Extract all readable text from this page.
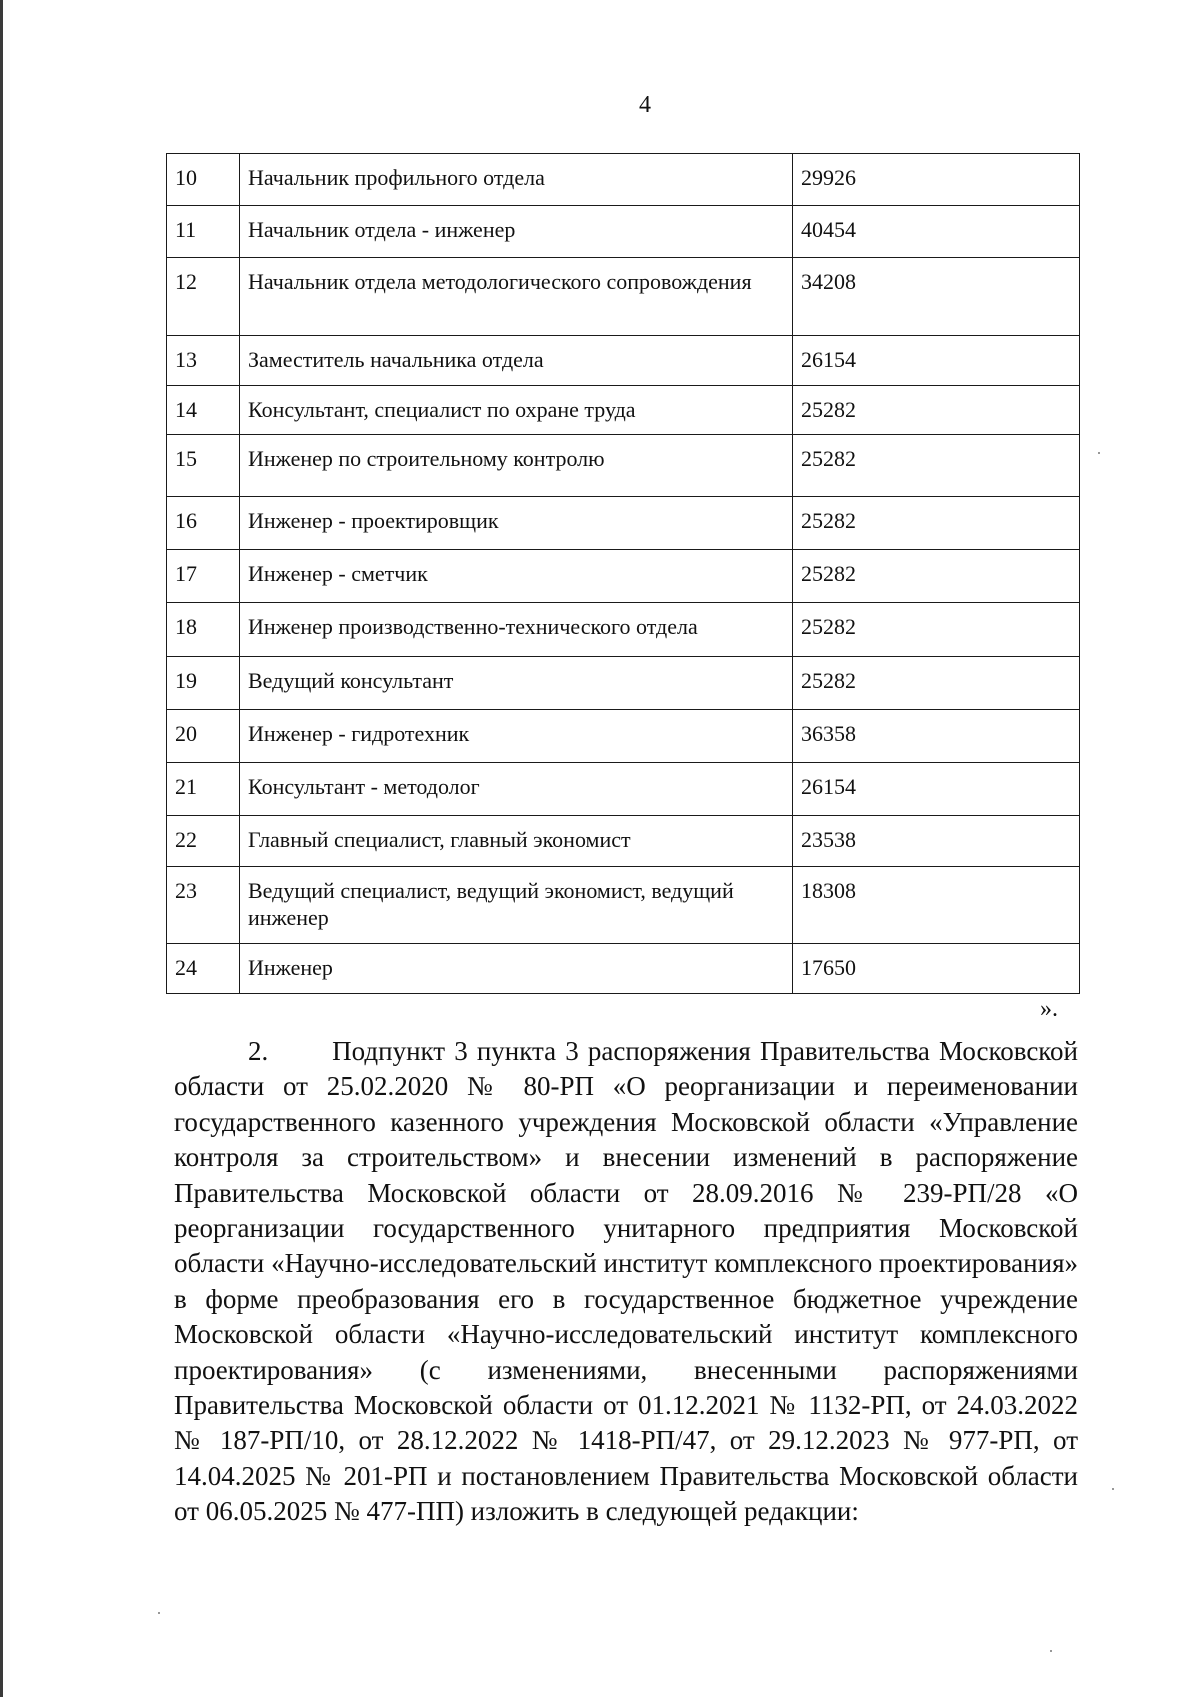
4
10	Начальник профильного отдела	29926
11	Начальник отдела - инженер	40454
12	Начальник отдела методологического сопровождения	34208
13	Заместитель начальника отдела	26154
14	Консультант, специалист по охране труда	25282
15	Инженер по строительному контролю	25282
16	Инженер - проектировщик	25282
17	Инженер - сметчик	25282
18	Инженер производственно-технического отдела	25282
19	Ведущий консультант	25282
20	Инженер - гидротехник	36358
21	Консультант - методолог	26154
22	Главный специалист, главный экономист	23538
23	Ведущий специалист, ведущий экономист, ведущий инженер	18308
24	Инженер	17650
».

2.       Подпункт 3 пункта 3 распоряжения Правительства Московской области от 25.02.2020 № 80-РП «О реорганизации и переименовании государственного казенного учреждения Московской области «Управление контроля за строительством» и внесении изменений в распоряжение Правительства Московской области от 28.09.2016 № 239-РП/28 «О реорганизации государственного унитарного предприятия Московской области «Научно-исследовательский институт комплексного проектирования» в форме преобразования его в государственное бюджетное учреждение Московской области «Научно-исследовательский институт комплексного проектирования» (с изменениями, внесенными распоряжениями Правительства Московской области от 01.12.2021 № 1132-РП, от 24.03.2022 № 187-РП/10, от 28.12.2022 № 1418-РП/47, от 29.12.2023 № 977-РП, от 14.04.2025 № 201-РП и постановлением Правительства Московской области от 06.05.2025 № 477-ПП) изложить в следующей редакции:
